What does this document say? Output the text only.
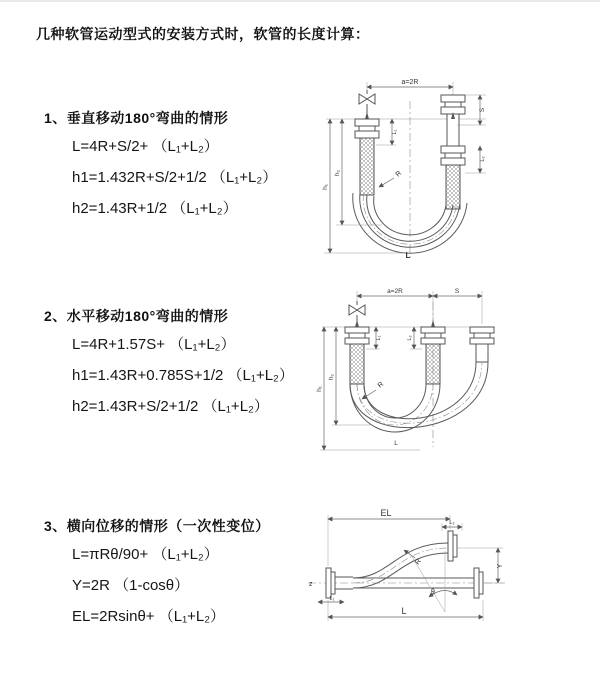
几种软管运动型式的安装方式时，软管的长度计算：
1、垂直移动180°弯曲的情形

L=4R+S/2+ （L₁+L₂）

h1=1.432R+S/2+1/2 （L₁+L₂）

h2=1.43R+1/2 （L₁+L₂）

a=2R
h₁
h₂
L₁
S
L₂
R
L
2、水平移动180°弯曲的情形

L=4R+1.57S+ （L₁+L₂）

h1=1.43R+0.785S+1/2 （L₁+L₂）

h2=1.43R+S/2+1/2 （L₁+L₂）

a=2R	S
h₁
h₂
L₁	L₂
R
L
3、横向位移的情形（一次性变位）

L=πRθ/90+ （L₁+L₂）

Y=2R （1-cosθ）

EL=2Rsinθ+ （L₁+L₂）

z
EL
L₂
Y
L
L₁
R
θ
